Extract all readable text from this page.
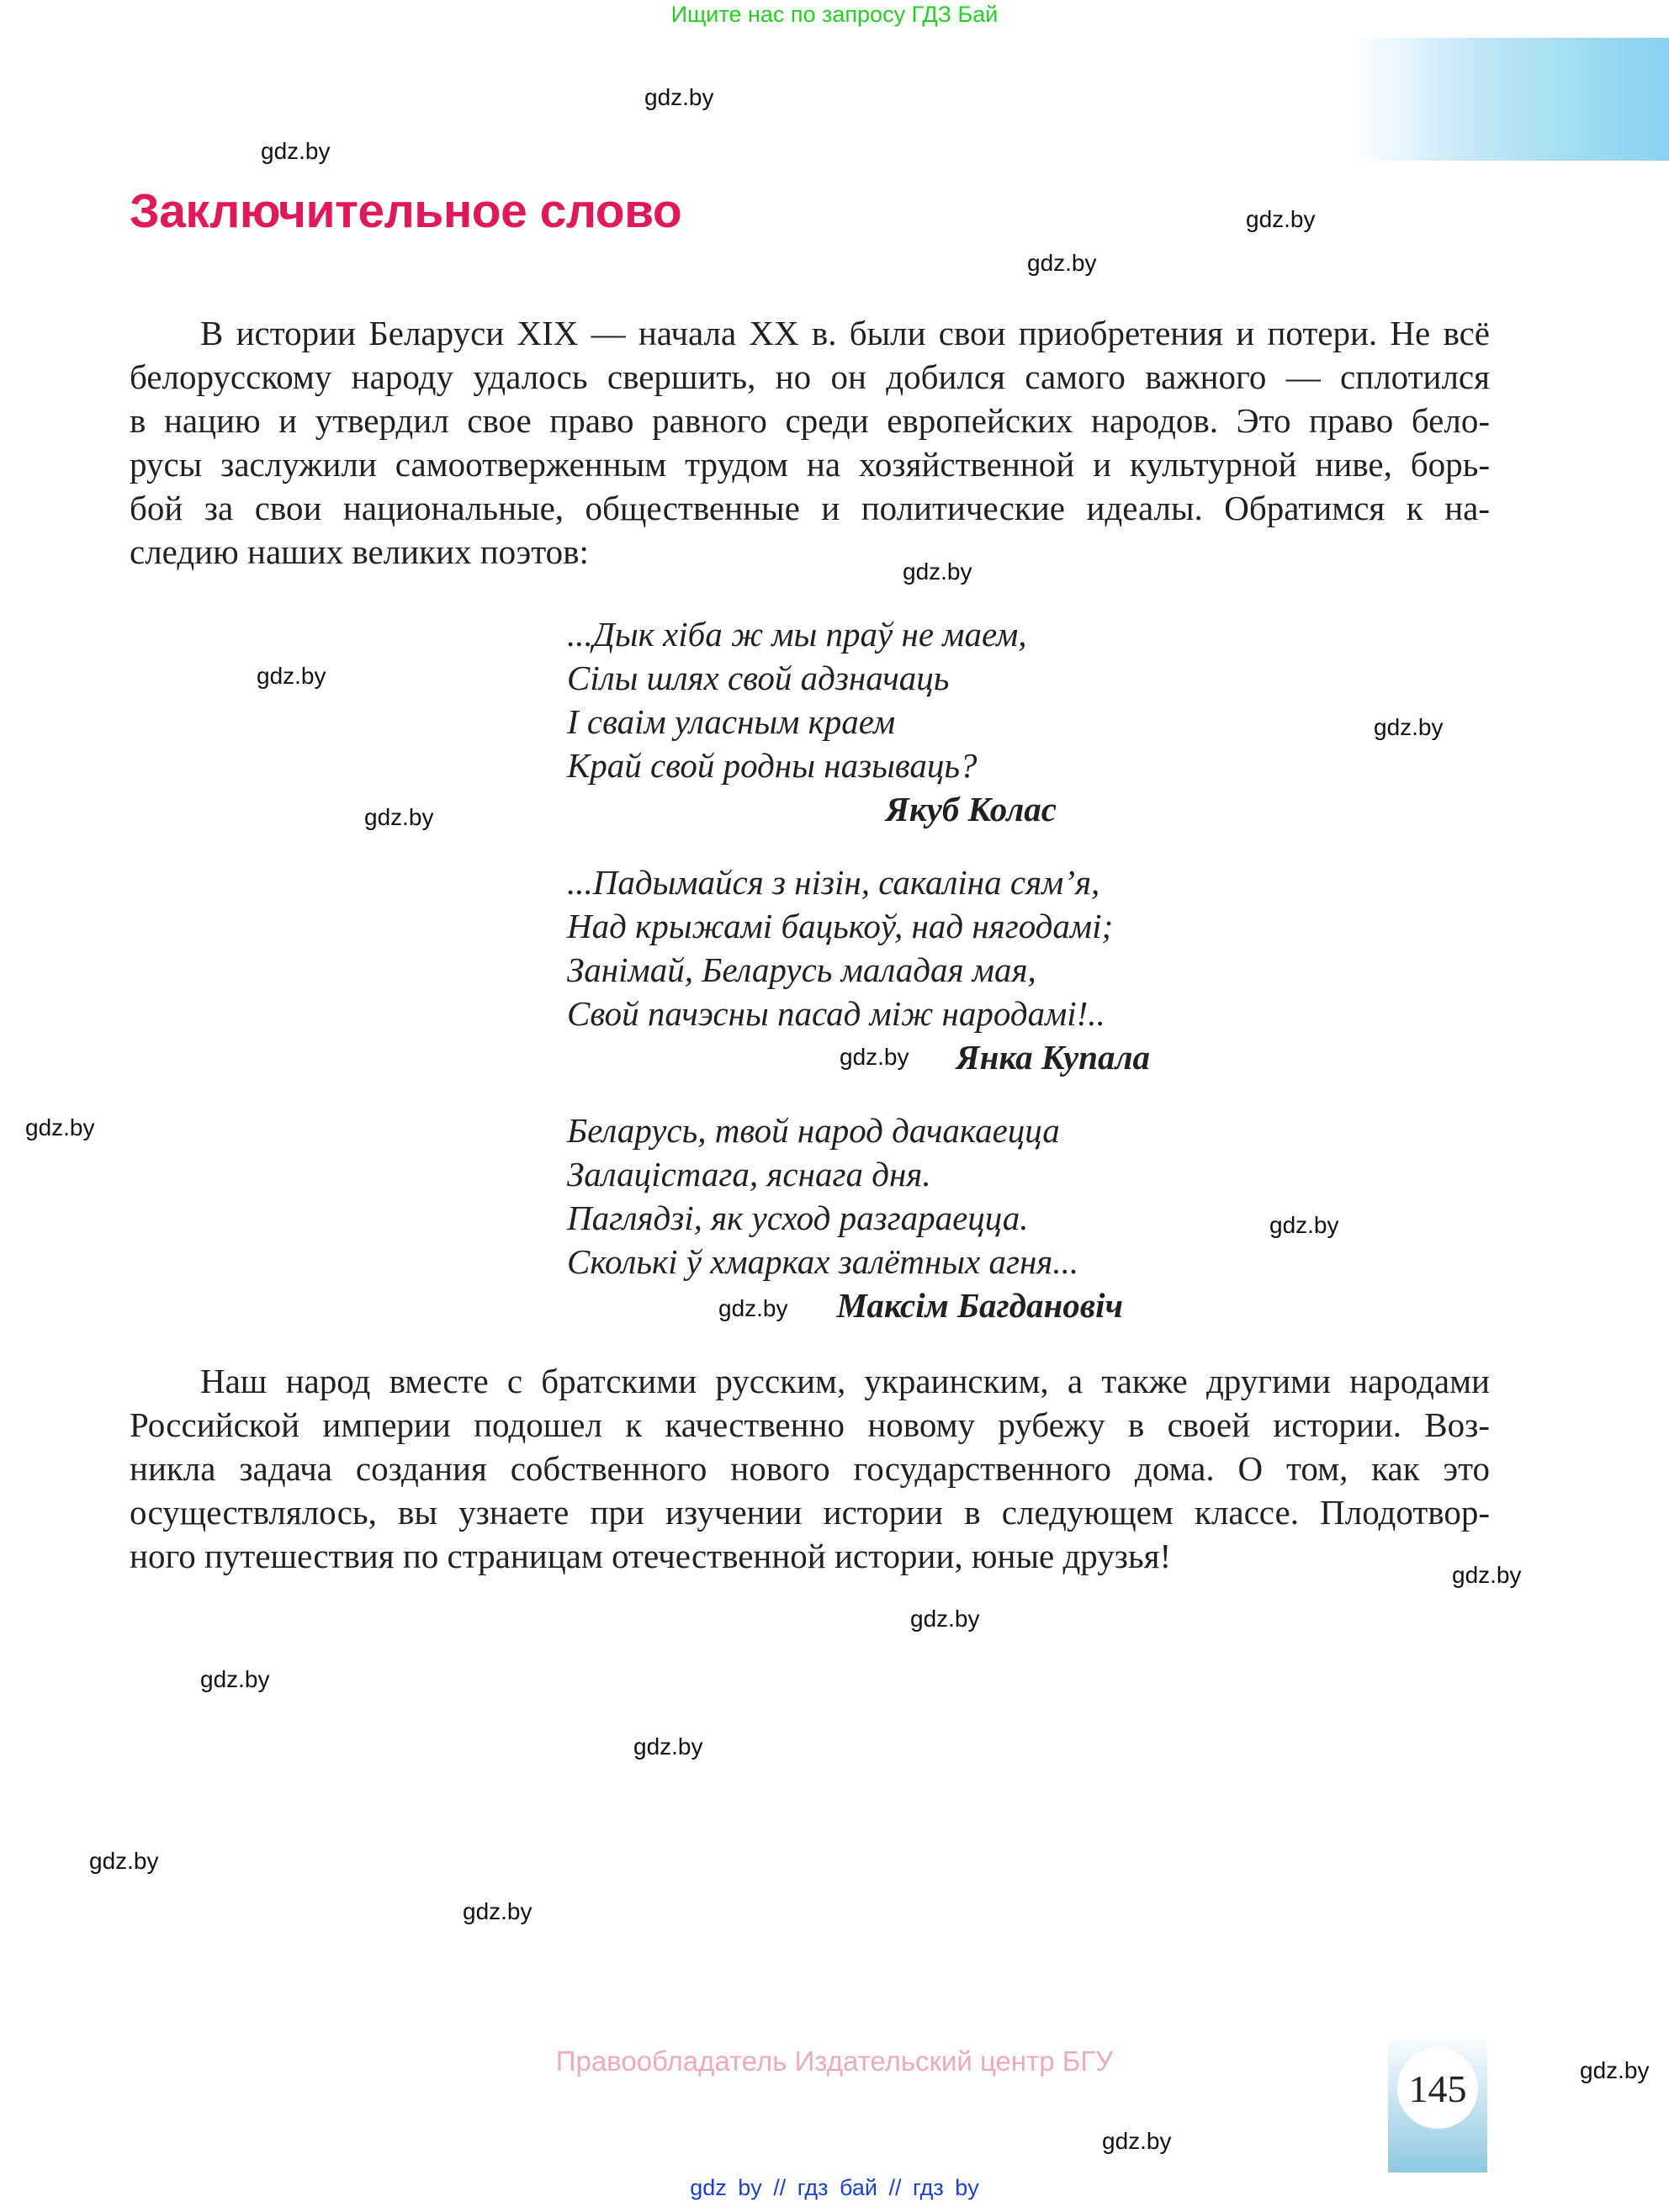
Ищите нас по запросу ГДЗ Бай
Заключительное слово
В истории Беларуси XIX — начала XX в. были свои приобретения и потери. Не всё
белорусскому народу удалось свершить, но он добился самого важного — сплотился
в нацию и утвердил свое право равного среди европейских народов. Это право бело-
русы заслужили самоотверженным трудом на хозяйственной и культурной ниве, борь-
бой за свои национальные, общественные и политические идеалы. Обратимся к на-
следию наших великих поэтов:
...Дык хіба ж мы праў не маем,
Сілы шлях свой адзначаць
І сваім уласным краем
Край свой родны называць?
Якуб Колас
...Падымайся з нізін, сакаліна сям’я,
Над крыжамі бацькоў, над нягодамі;
Занімай, Беларусь маладая мая,
Свой пачэсны пасад між народамі!..
Янка Купала
Беларусь, твой народ дачакаецца
Залацістага, яснага дня.
Паглядзі, як усход разгараецца.
Сколькі ў хмарках залётных агня...
Максім Багдановіч
Наш народ вместе с братскими русским, украинским, а также другими народами
Российской империи подошел к качественно новому рубежу в своей истории. Воз-
никла задача создания собственного нового государственного дома. О том, как это
осуществлялось, вы узнаете при изучении истории в следующем классе. Плодотвор-
ного путешествия по страницам отечественной истории, юные друзья!
gdz.by
gdz.by
gdz.by
gdz.by
gdz.by
gdz.by
gdz.by
gdz.by
gdz.by
gdz.by
gdz.by
gdz.by
gdz.by
gdz.by
gdz.by
gdz.by
gdz.by
gdz.by
gdz.by
gdz.by
Правообладатель Издательский центр БГУ
145
gdz by // гдз бай // гдз by
